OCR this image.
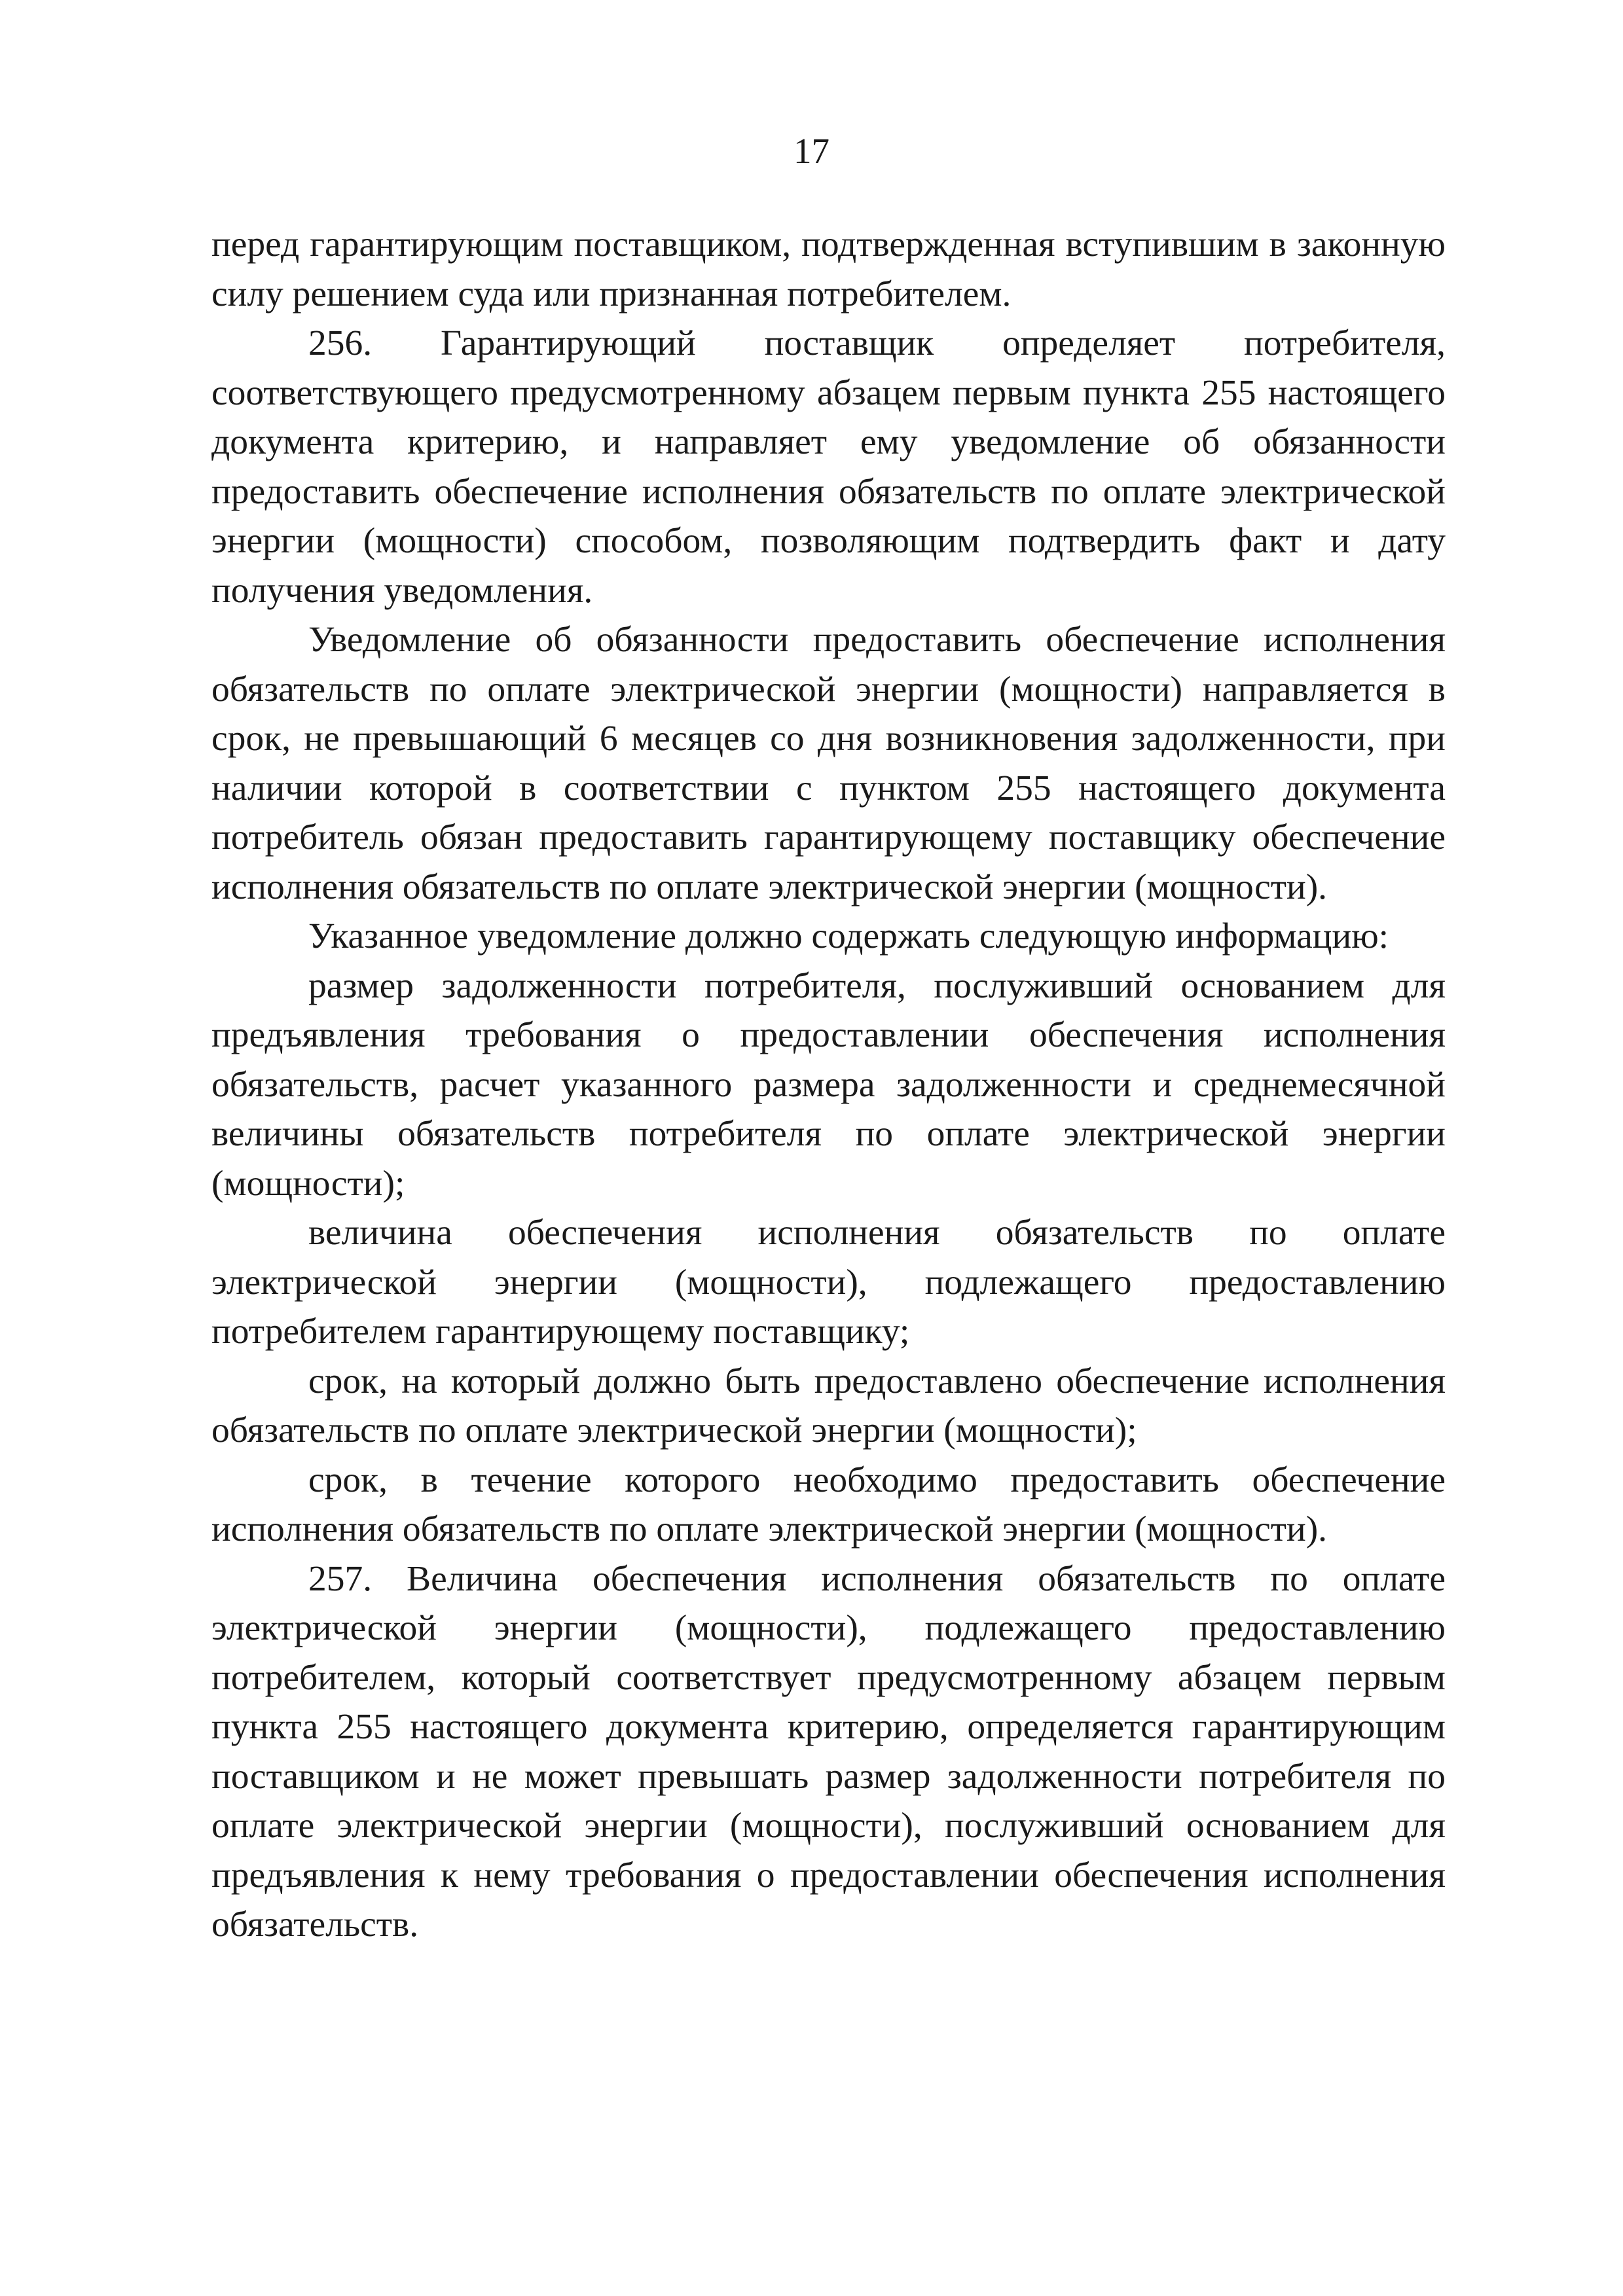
17

перед гарантирующим поставщиком, подтвержденная вступившим в законную силу решением суда или признанная потребителем.

256. Гарантирующий поставщик определяет потребителя, соответствующего предусмотренному абзацем первым пункта 255 настоящего документа критерию, и направляет ему уведомление об обязанности предоставить обеспечение исполнения обязательств по оплате электрической энергии (мощности) способом, позволяющим подтвердить факт и дату получения уведомления.

Уведомление об обязанности предоставить обеспечение исполнения обязательств по оплате электрической энергии (мощности) направляется в срок, не превышающий 6 месяцев со дня возникновения задолженности, при наличии которой в соответствии с пунктом 255 настоящего документа потребитель обязан предоставить гарантирующему поставщику обеспечение исполнения обязательств по оплате электрической энергии (мощности).

Указанное уведомление должно содержать следующую информацию:

размер задолженности потребителя, послуживший основанием для предъявления требования о предоставлении обеспечения исполнения обязательств, расчет указанного размера задолженности и среднемесячной величины обязательств потребителя по оплате электрической энергии (мощности);

величина обеспечения исполнения обязательств по оплате электрической энергии (мощности), подлежащего предоставлению потребителем гарантирующему поставщику;

срок, на который должно быть предоставлено обеспечение исполнения обязательств по оплате электрической энергии (мощности);

срок, в течение которого необходимо предоставить обеспечение исполнения обязательств по оплате электрической энергии (мощности).

257. Величина обеспечения исполнения обязательств по оплате электрической энергии (мощности), подлежащего предоставлению потребителем, который соответствует предусмотренному абзацем первым пункта 255 настоящего документа критерию, определяется гарантирующим поставщиком и не может превышать размер задолженности потребителя по оплате электрической энергии (мощности), послуживший основанием для предъявления к нему требования о предоставлении обеспечения исполнения обязательств.
